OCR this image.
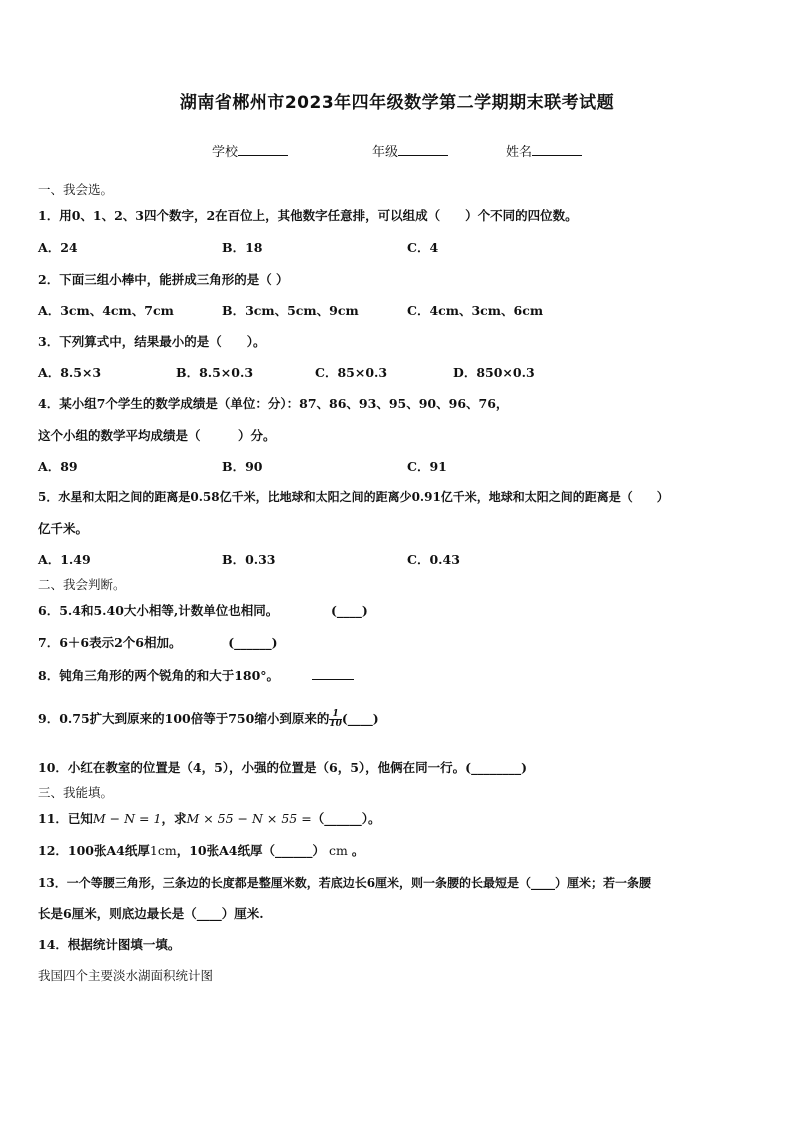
湖南省郴州市2023年四年级数学第二学期期末联考试题
学校	年级	姓名
一、我会选。
1．用0、1、2、3四个数字，2在百位上，其他数字任意排，可以组成（　　）个不同的四位数。
A．24	B．18	C．4
2．下面三组小棒中，能拼成三角形的是（ ）
A．3cm、4cm、7cm	B．3cm、5cm、9cm	C．4cm、3cm、6cm
3．下列算式中，结果最小的是（　　）。
A．8.5×3	B．8.5×0.3	C．85×0.3	D．850×0.3
4．某小组7个学生的数学成绩是（单位：分）：87、86、93、95、90、96、76，
这个小组的数学平均成绩是（　　　）分。
A．89	B．90	C．91
5．水星和太阳之间的距离是0.58亿千米，比地球和太阳之间的距离少0.91亿千米，地球和太阳之间的距离是（　　）
亿千米。
A．1.49	B．0.33	C．0.43
二、我会判断。
6．5.4和5.40大小相等,计数单位也相同。	(____)
7．6＋6表示2个6相加。	(______)
8．钝角三角形的两个锐角的和大于180°。
9．0.75扩大到原来的100倍等于750缩小到原来的 $\frac{1}{10}$ (____)
10．小红在教室的位置是（4，5），小强的位置是（6，5），他俩在同一行。(________)
三、我能填。
11．已知M − N = 1，求M × 55 − N × 55 =（______）。
12．100张A4纸厚1cm，10张A4纸厚（______） cm 。
13．一个等腰三角形，三条边的长度都是整厘米数，若底边长6厘米，则一条腰的长最短是（____）厘米；若一条腰
长是6厘米，则底边最长是（____）厘米.
14．根据统计图填一填。
我国四个主要淡水湖面积统计图
